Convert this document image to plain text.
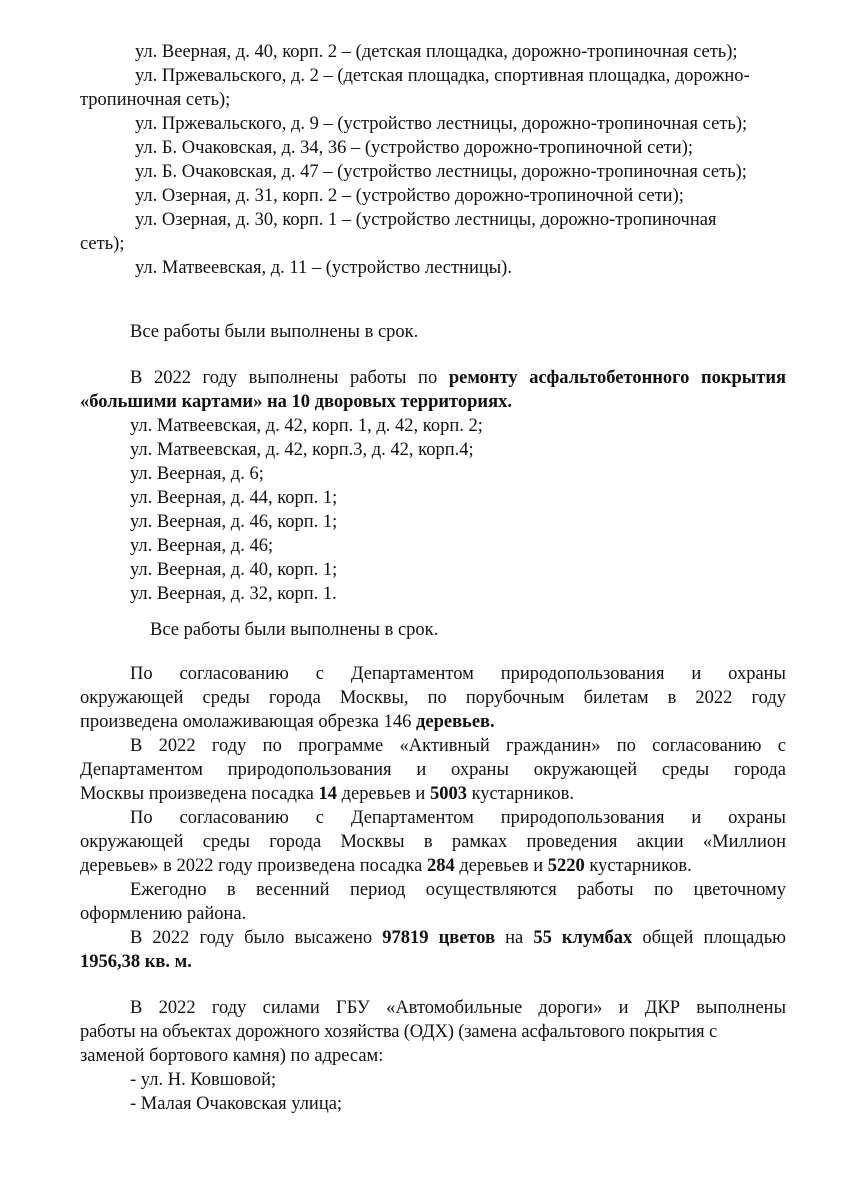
ул. Веерная, д. 40, корп. 2 – (детская площадка, дорожно-тропиночная сеть);
ул. Пржевальского, д. 2 – (детская площадка, спортивная площадка, дорожно-
тропиночная сеть);
ул. Пржевальского, д. 9 – (устройство лестницы, дорожно-тропиночная сеть);
ул. Б. Очаковская, д. 34, 36 – (устройство дорожно-тропиночной сети);
ул. Б. Очаковская, д. 47 – (устройство лестницы, дорожно-тропиночная сеть);
ул. Озерная, д. 31, корп. 2 – (устройство дорожно-тропиночной сети);
ул. Озерная, д. 30, корп. 1 – (устройство лестницы, дорожно-тропиночная
сеть);
ул. Матвеевская, д. 11 – (устройство лестницы).
Все работы были выполнены в срок.
В 2022 году выполнены работы по ремонту асфальтобетонного покрытия
«большими картами» на 10 дворовых территориях.
ул. Матвеевская, д. 42, корп. 1, д. 42, корп. 2;
ул. Матвеевская, д. 42, корп.3, д. 42, корп.4;
ул. Веерная, д. 6;
ул. Веерная, д. 44, корп. 1;
ул. Веерная, д. 46, корп. 1;
ул. Веерная, д. 46;
ул. Веерная, д. 40, корп. 1;
ул. Веерная, д. 32, корп. 1.
Все работы были выполнены в срок.
По согласованию с Департаментом природопользования и охраны
окружающей среды города Москвы, по порубочным билетам в 2022 году
произведена омолаживающая обрезка 146 деревьев.
В 2022 году по программе «Активный гражданин» по согласованию с
Департаментом природопользования и охраны окружающей среды города
Москвы произведена посадка 14 деревьев и 5003 кустарников.
По согласованию с Департаментом природопользования и охраны
окружающей среды города Москвы в рамках проведения акции «Миллион
деревьев» в 2022 году произведена посадка 284 деревьев и 5220 кустарников.
Ежегодно в весенний период осуществляются работы по цветочному
оформлению района.
В 2022 году было высажено 97819 цветов на 55 клумбах общей площадью
1956,38 кв. м.
В 2022 году силами ГБУ «Автомобильные дороги» и ДКР выполнены
работы на объектах дорожного хозяйства (ОДХ) (замена асфальтового покрытия с
заменой бортового камня) по адресам:
- ул. Н. Ковшовой;
- Малая Очаковская улица;
